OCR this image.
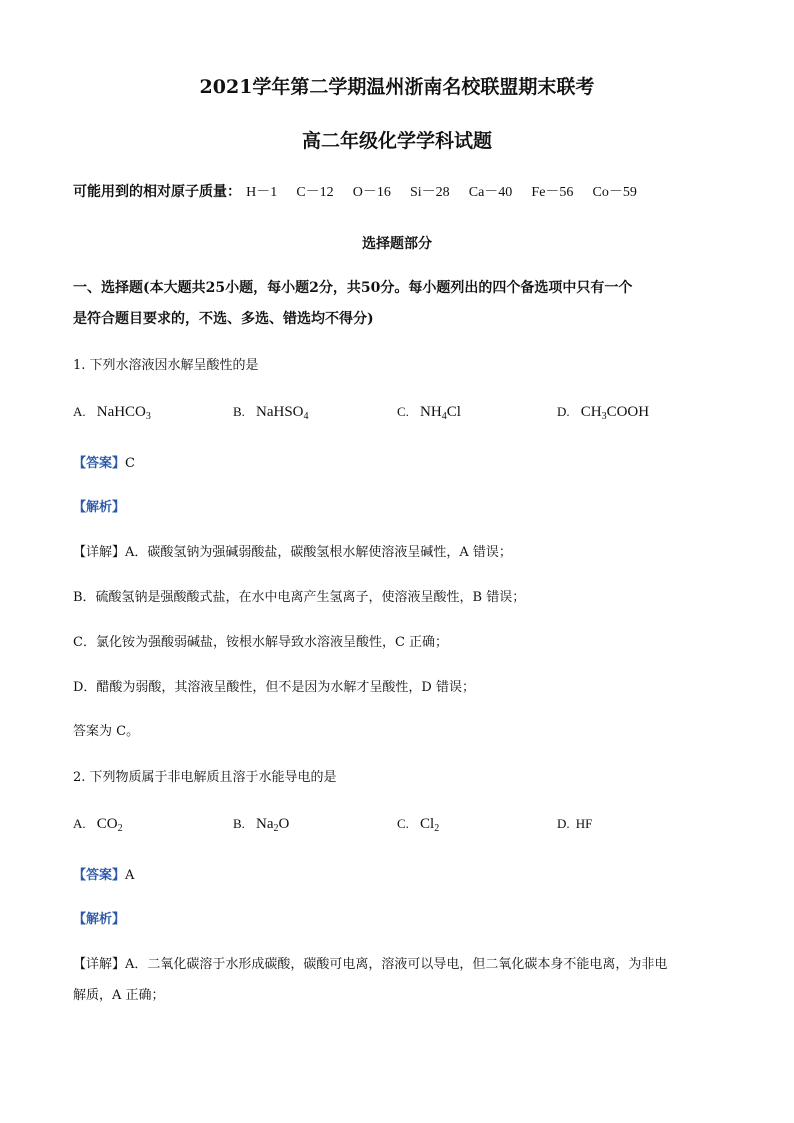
2021学年第二学期温州浙南名校联盟期末联考
高二年级化学学科试题
可能用到的相对原子质量： H－1 C－12 O－16 Si－28 Ca－40 Fe－56 Co－59
选择题部分
一、选择题(本大题共25小题，每小题2分，共50分。每小题列出的四个备选项中只有一个
是符合题目要求的，不选、多选、错选均不得分)
1. 下列水溶液因水解呈酸性的是
A. NaHCO$_3$	B. NaHSO$_4$	C. $NH_4Cl$	D. $CH_3COOH$
【答案】C
【解析】
【详解】A．碳酸氢钠为强碱弱酸盐，碳酸氢根水解使溶液呈碱性，A 错误；
B．硫酸氢钠是强酸酸式盐，在水中电离产生氢离子，使溶液呈酸性，B 错误；
C．氯化铵为强酸弱碱盐，铵根水解导致水溶液呈酸性，C 正确；
D．醋酸为弱酸，其溶液呈酸性，但不是因为水解才呈酸性，D 错误；
答案为 C。
2. 下列物质属于非电解质且溶于水能导电的是
A. $CO_2$	B. $Na_2O$	C. $Cl_2$	D. HF
【答案】A
【解析】
【详解】A．二氧化碳溶于水形成碳酸，碳酸可电离，溶液可以导电，但二氧化碳本身不能电离，为非电
解质，A 正确；
